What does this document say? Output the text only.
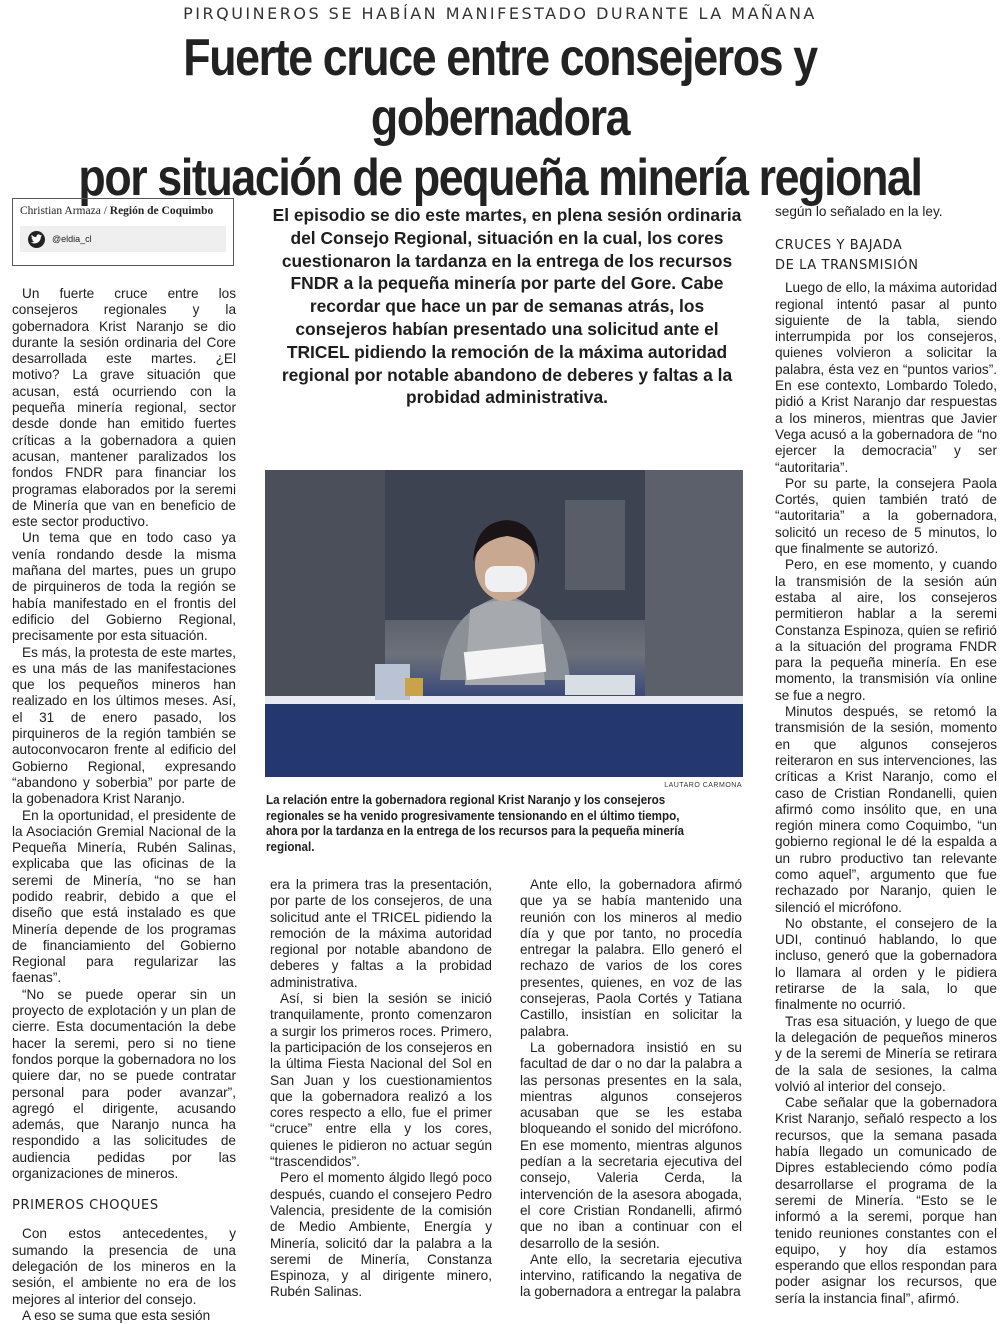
PIRQUINEROS SE HABÍAN MANIFESTADO DURANTE LA MAÑANA
Fuerte cruce entre consejeros y gobernadora
por situación de pequeña minería regional
Christian Armaza / Región de Coquimbo
@eldia_cl

Un fuerte cruce entre los consejeros regionales y la gobernadora Krist Naranjo se dio durante la sesión ordinaria del Core desarrollada este martes. ¿El motivo? La grave situación que acusan, está ocurriendo con la pequeña minería regional, sector desde donde han emitido fuertes críticas a la gobernadora a quien acusan, mantener paralizados los fondos FNDR para financiar los programas elaborados por la seremi de Minería que van en beneficio de este sector productivo.

Un tema que en todo caso ya venía rondando desde la misma mañana del martes, pues un grupo de pirquineros de toda la región se había manifestado en el frontis del edificio del Gobierno Regional, precisamente por esta situación.

Es más, la protesta de este martes, es una más de las manifestaciones que los pequeños mineros han realizado en los últimos meses. Así, el 31 de enero pasado, los pirquineros de la región también se autoconvocaron frente al edificio del Gobierno Regional, expresando “abandono y soberbia” por parte de la gobenadora Krist Naranjo.

En la oportunidad, el presidente de la Asociación Gremial Nacional de la Pequeña Minería, Rubén Salinas, explicaba que las oficinas de la seremi de Minería, “no se han podido reabrir, debido a que el diseño que está instalado es que Minería depende de los programas de financiamiento del Gobierno Regional para regularizar las faenas”.

“No se puede operar sin un proyecto de explotación y un plan de cierre. Esta documentación la debe hacer la seremi, pero si no tiene fondos porque la gobernadora no los quiere dar, no se puede contratar personal para poder avanzar”, agregó el dirigente, acusando además, que Naranjo nunca ha respondido a las solicitudes de audiencia pedidas por las organizaciones de mineros.

PRIMEROS CHOQUES

Con estos antecedentes, y sumando la presencia de una delegación de los mineros en la sesión, el ambiente no era de los mejores al interior del consejo.

A eso se suma que esta sesión

El episodio se dio este martes, en plena sesión ordinaria del Consejo Regional, situación en la cual, los cores cuestionaron la tardanza en la entrega de los recursos FNDR a la pequeña minería por parte del Gore. Cabe recordar que hace un par de semanas atrás, los consejeros habían presentado una solicitud ante el TRICEL pidiendo la remoción de la máxima autoridad regional por notable abandono de deberes y faltas a la probidad administrativa.
LAUTARO CARMONA
La relación entre la gobernadora regional Krist Naranjo y los consejeros regionales se ha venido progresivamente tensionando en el último tiempo, ahora por la tardanza en la entrega de los recursos para la pequeña minería regional.

era la primera tras la presentación, por parte de los consejeros, de una solicitud ante el TRICEL pidiendo la remoción de la máxima autoridad regional por notable abandono de deberes y faltas a la probidad administrativa.

Así, si bien la sesión se inició tranquilamente, pronto comenzaron a surgir los primeros roces. Primero, la participación de los consejeros en la última Fiesta Nacional del Sol en San Juan y los cuestionamientos que la gobernadora realizó a los cores respecto a ello, fue el primer “cruce” entre ella y los cores, quienes le pidieron no actuar según “trascendidos”.

Pero el momento álgido llegó poco después, cuando el consejero Pedro Valencia, presidente de la comisión de Medio Ambiente, Energía y Minería, solicitó dar la palabra a la seremi de Minería, Constanza Espinoza, y al dirigente minero, Rubén Salinas.

Ante ello, la gobernadora afirmó que ya se había mantenido una reunión con los mineros al medio día y que por tanto, no procedía entregar la palabra. Ello generó el rechazo de varios de los cores presentes, quienes, en voz de las consejeras, Paola Cortés y Tatiana Castillo, insistían en solicitar la palabra.

La gobernadora insistió en su facultad de dar o no dar la palabra a las personas presentes en la sala, mientras algunos consejeros acusaban que se les estaba bloqueando el sonido del micrófono. En ese momento, mientras algunos pedían a la secretaria ejecutiva del consejo, Valeria Cerda, la intervención de la asesora abogada, el core Cristian Rondanelli, afirmó que no iban a continuar con el desarrollo de la sesión.

Ante ello, la secretaria ejecutiva intervino, ratificando la negativa de la gobernadora a entregar la palabra

según lo señalado en la ley.

CRUCES Y BAJADA DE LA TRANSMISIÓN

Luego de ello, la máxima autoridad regional intentó pasar al punto siguiente de la tabla, siendo interrumpida por los consejeros, quienes volvieron a solicitar la palabra, ésta vez en “puntos varios”. En ese contexto, Lombardo Toledo, pidió a Krist Naranjo dar respuestas a los mineros, mientras que Javier Vega acusó a la gobernadora de “no ejercer la democracia” y ser “autoritaria”.

Por su parte, la consejera Paola Cortés, quien también trató de “autoritaria” a la gobernadora, solicitó un receso de 5 minutos, lo que finalmente se autorizó.

Pero, en ese momento, y cuando la transmisión de la sesión aún estaba al aire, los consejeros permitieron hablar a la seremi Constanza Espinoza, quien se refirió a la situación del programa FNDR para la pequeña minería. En ese momento, la transmisión vía online se fue a negro.

Minutos después, se retomó la transmisión de la sesión, momento en que algunos consejeros reiteraron en sus intervenciones, las críticas a Krist Naranjo, como el caso de Cristian Rondanelli, quien afirmó como insólito que, en una región minera como Coquimbo, “un gobierno regional le dé la espalda a un rubro productivo tan relevante como aquel”, argumento que fue rechazado por Naranjo, quien le silenció el micrófono.

No obstante, el consejero de la UDI, continuó hablando, lo que incluso, generó que la gobernadora lo llamara al orden y le pidiera retirarse de la sala, lo que finalmente no ocurrió.

Tras esa situación, y luego de que la delegación de pequeños mineros y de la seremi de Minería se retirara de la sala de sesiones, la calma volvió al interior del consejo.

Cabe señalar que la gobernadora Krist Naranjo, señaló respecto a los recursos, que la semana pasada había llegado un comunicado de Dipres estableciendo cómo podía desarrollarse el programa de la seremi de Minería. “Esto se le informó a la seremi, porque han tenido reuniones constantes con el equipo, y hoy día estamos esperando que ellos respondan para poder asignar los recursos, que sería la instancia final”, afirmó.
